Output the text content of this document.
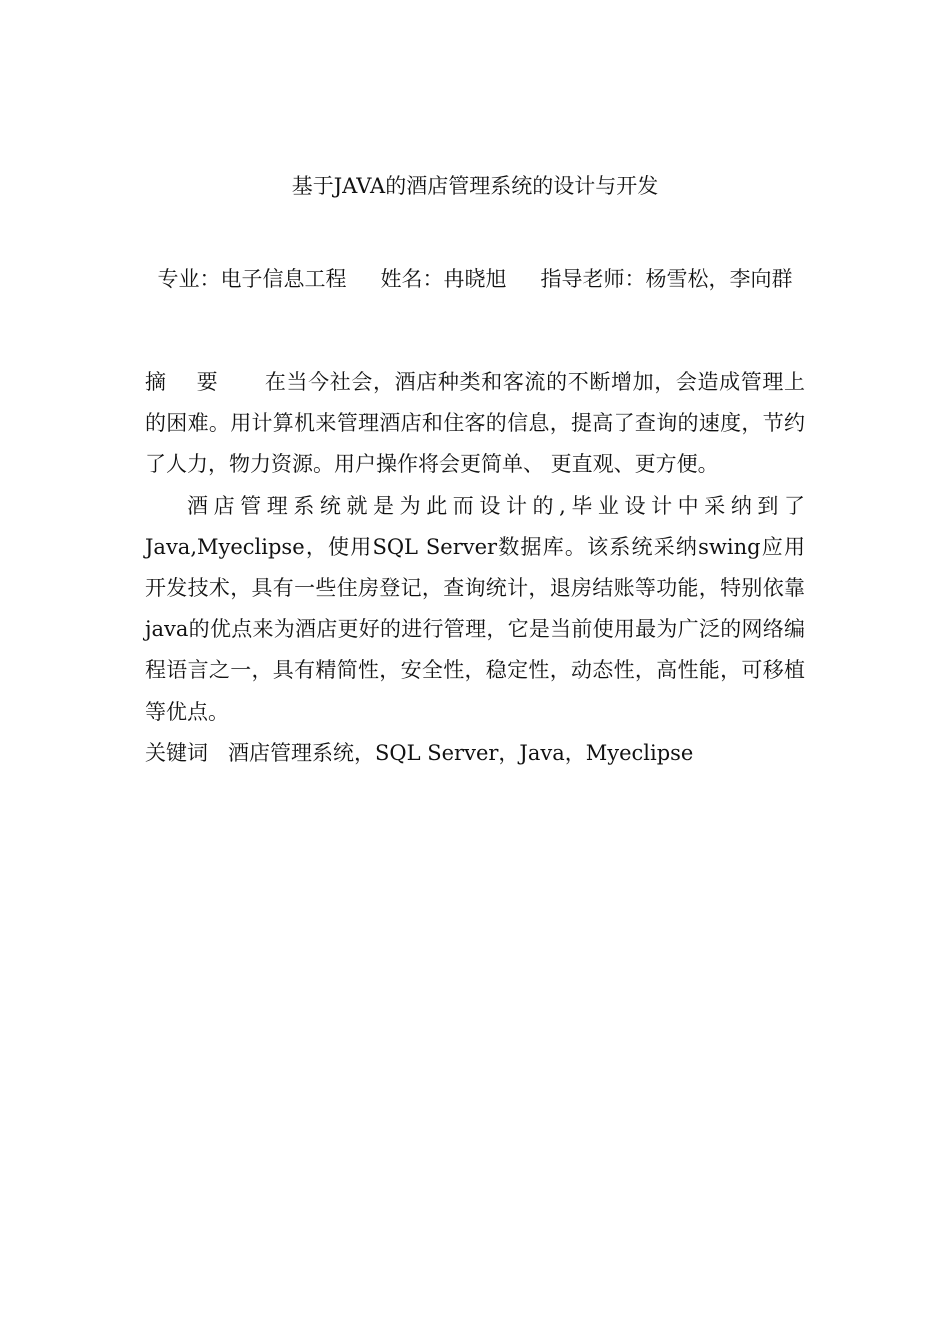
基于JAVA的酒店管理系统的设计与开发
专业：电子信息工程 姓名：冉晓旭 指导老师：杨雪松，李向群

摘要 在当今社会，酒店种类和客流的不断增加，会造成管理上的困难。用计算机来管理酒店和住客的信息，提高了查询的速度，节约了人力，物力资源。用户操作将会更简单、 更直观、更方便。

酒店管理系统就是为此而设计的,毕业设计中采纳到了Java,Myeclipse，使用SQL Server数据库。该系统采纳swing应用开发技术，具有一些住房登记，查询统计，退房结账等功能，特别依靠java的优点来为酒店更好的进行管理，它是当前使用最为广泛的网络编程语言之一，具有精简性，安全性，稳定性，动态性，高性能，可移植等优点。

关键词 酒店管理系统，SQL Server，Java，Myeclipse
